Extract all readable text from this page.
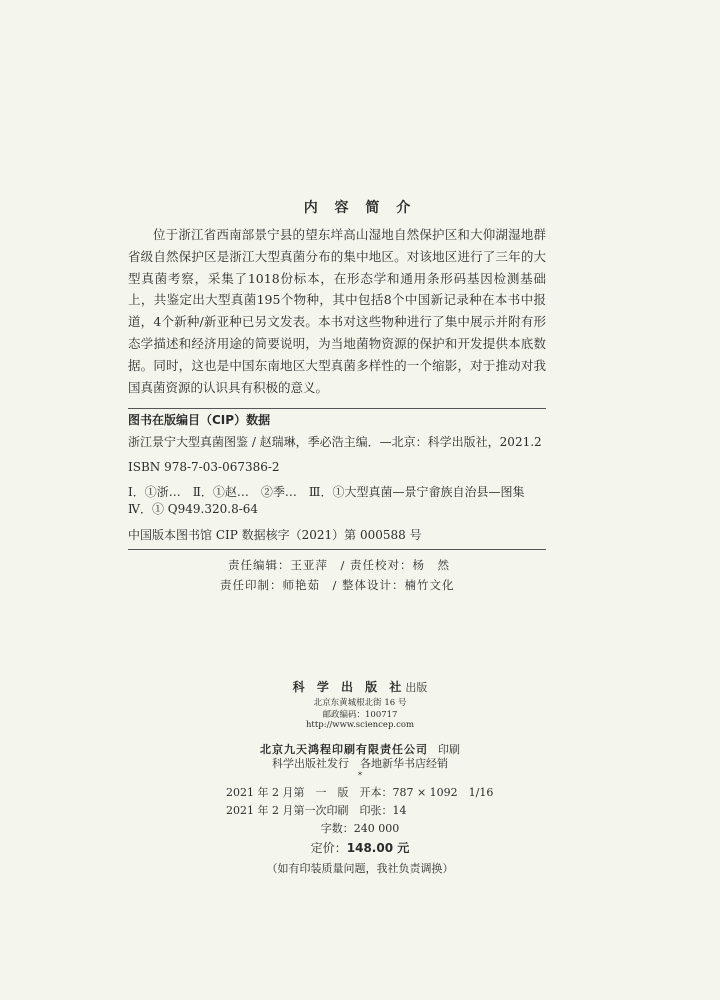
内 容 简 介

位于浙江省西南部景宁县的望东垟高山湿地自然保护区和大仰湖湿地群省级自然保护区是浙江大型真菌分布的集中地区。对该地区进行了三年的大型真菌考察，采集了1018份标本，在形态学和通用条形码基因检测基础上，共鉴定出大型真菌195个物种，其中包括8个中国新记录种在本书中报道，4个新种/新亚种已另文发表。本书对这些物种进行了集中展示并附有形态学描述和经济用途的简要说明，为当地菌物资源的保护和开发提供本底数据。同时，这也是中国东南地区大型真菌多样性的一个缩影，对于推动对我国真菌资源的认识具有积极的意义。

图书在版编目（CIP）数据
浙江景宁大型真菌图鉴 / 赵瑞琳，季必浩主编．—北京：科学出版社，2021.2
ISBN 978-7-03-067386-2
Ⅰ．①浙…　Ⅱ．①赵…　②季…　Ⅲ．①大型真菌—景宁畲族自治县—图集
Ⅳ．① Q949.320.8-64
中国版本图书馆 CIP 数据核字（2021）第 000588 号
责任编辑：王亚萍　/ 责任校对：杨　然
责任印制：师艳茹　/ 整体设计：楠竹文化
科 学 出 版 社出版
北京东黄城根北街 16 号
邮政编码：100717
http://www.sciencep.com
北京九天鸿程印刷有限责任公司 印刷
科学出版社发行　各地新华书店经销
*
2021 年 2 月第　一　版　开本：787 × 1092　1/16
2021 年 2 月第一次印刷　印张：14
字数：240 000
定价：148.00 元
（如有印装质量问题，我社负责调换）
